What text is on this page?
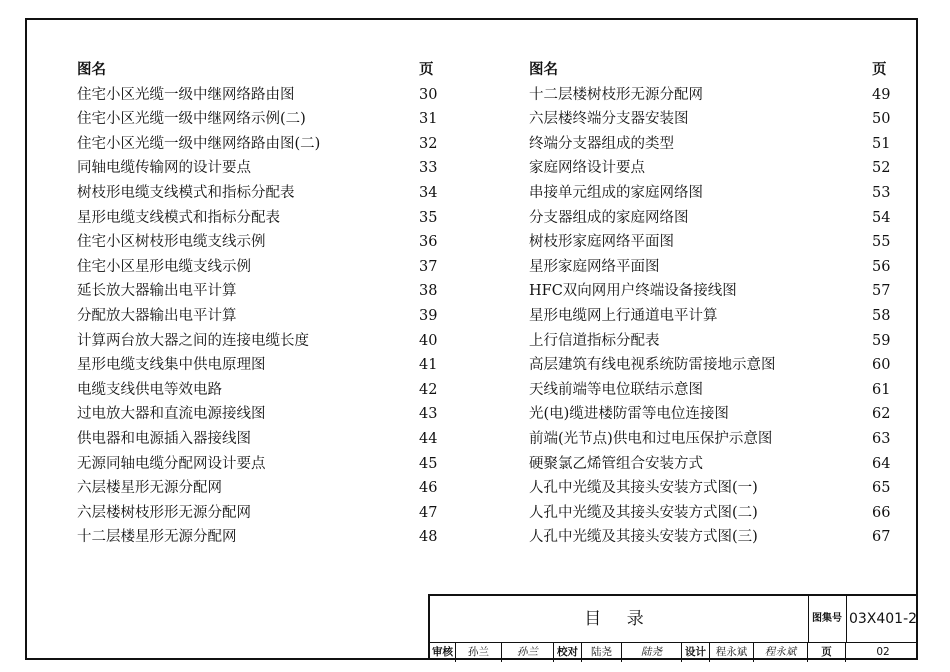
图名	页
住宅小区光缆一级中继网络路由图	30
住宅小区光缆一级中继网络示例(二)	31
住宅小区光缆一级中继网络路由图(二)	32
同轴电缆传输网的设计要点	33
树枝形电缆支线模式和指标分配表	34
星形电缆支线模式和指标分配表	35
住宅小区树枝形电缆支线示例	36
住宅小区星形电缆支线示例	37
延长放大器输出电平计算	38
分配放大器输出电平计算	39
计算两台放大器之间的连接电缆长度	40
星形电缆支线集中供电原理图	41
电缆支线供电等效电路	42
过电放大器和直流电源接线图	43
供电器和电源插入器接线图	44
无源同轴电缆分配网设计要点	45
六层楼星形无源分配网	46
六层楼树枝形形无源分配网	47
十二层楼星形无源分配网	48
图名	页
十二层楼树枝形无源分配网	49
六层楼终端分支器安装图	50
终端分支器组成的类型	51
家庭网络设计要点	52
串接单元组成的家庭网络图	53
分支器组成的家庭网络图	54
树枝形家庭网络平面图	55
星形家庭网络平面图	56
HFC双向网用户终端设备接线图	57
星形电缆网上行通道电平计算	58
上行信道指标分配表	59
高层建筑有线电视系统防雷接地示意图	60
天线前端等电位联结示意图	61
光(电)缆进楼防雷等电位连接图	62
前端(光节点)供电和过电压保护示意图	63
硬聚氯乙烯管组合安装方式	64
人孔中光缆及其接头安装方式图(一)	65
人孔中光缆及其接头安装方式图(二)	66
人孔中光缆及其接头安装方式图(三)	67
目 录	图集号 03X401-2
审核	孙兰	孙兰	校对	陆尧	陆尧	设计 程永斌	程永斌	页	02
